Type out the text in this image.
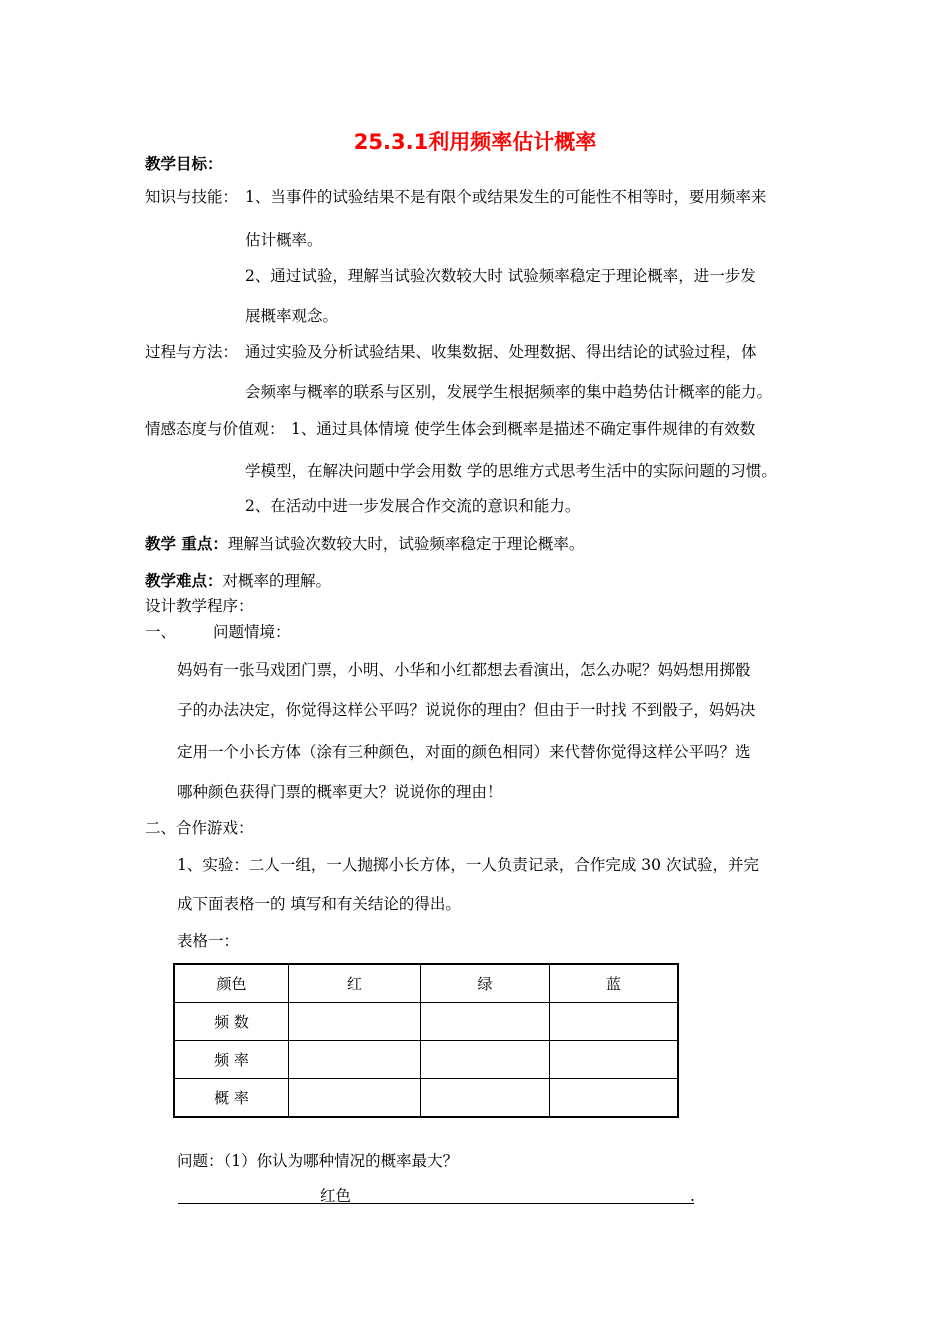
25.3.1利用频率估计概率
教学目标：
知识与技能： 1、当事件的试验结果不是有限个或结果发生的可能性不相等时，要用频率来
估计概率。
2、通过试验，理解当试验次数较大时 试验频率稳定于理论概率，进一步发
展概率观念。
过程与方法： 通过实验及分析试验结果、收集数据、处理数据、得出结论的试验过程，体
会频率与概率的联系与区别，发展学生根据频率的集中趋势估计概率的能力。
情感态度与价值观： 1、通过具体情境 使学生体会到概率是描述不确定事件规律的有效数
学模型，在解决问题中学会用数 学的思维方式思考生活中的实际问题的习惯。
2、在活动中进一步发展合作交流的意识和能力。
教学 重点：理解当试验次数较大时，试验频率稳定于理论概率。
教学难点：对概率的理解。
设计教学程序：
一、 问题情境：
妈妈有一张马戏团门票，小明、小华和小红都想去看演出，怎么办呢？妈妈想用掷骰
子的办法决定，你觉得这样公平吗？说说你的理由？但由于一时找 不到骰子，妈妈决
定用一个小长方体（涂有三种颜色，对面的颜色相同）来代替你觉得这样公平吗？选
哪种颜色获得门票的概率更大？说说你的理由！
二、合作游戏：
1、实验：二人一组，一人抛掷小长方体，一人负责记录，合作完成 30 次试验，并完
成下面表格一的 填写和有关结论的得出。
表格一：
颜色	红	绿	蓝
频 数			
频 率			
概 率			
问题：（1）你认为哪种情况的概率最大？
红色	.
